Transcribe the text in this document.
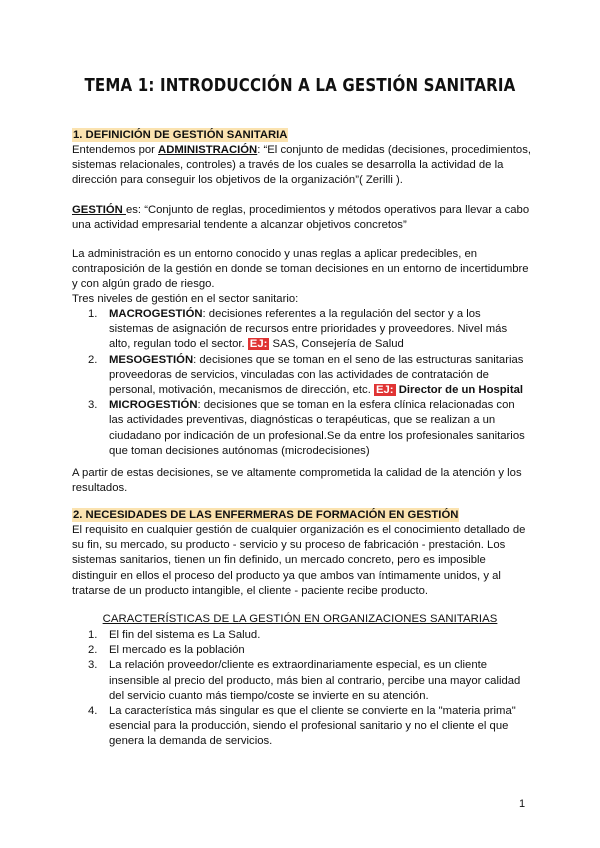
TEMA 1: INTRODUCCIÓN A LA GESTIÓN SANITARIA
1. DEFINICIÓN DE GESTIÓN SANITARIA

Entendemos por ADMINISTRACIÓN: “El conjunto de medidas (decisiones, procedimientos, sistemas relacionales, controles) a través de los cuales se desarrolla la actividad de la dirección para conseguir los objetivos de la organización”( Zerilli ).

GESTIÓN es: “Conjunto de reglas, procedimientos y métodos operativos para llevar a cabo una actividad empresarial tendente a alcanzar objetivos concretos”

La administración es un entorno conocido y unas reglas a aplicar predecibles, en contraposición de la gestión en donde se toman decisiones en un entorno de incertidumbre y con algún grado de riesgo.

Tres niveles de gestión en el sector sanitario:

1. MACROGESTIÓN: decisiones referentes a la regulación del sector y a los sistemas de asignación de recursos entre prioridades y proveedores. Nivel más alto, regulan todo el sector. EJ: SAS, Consejería de Salud
2. MESOGESTIÓN: decisiones que se toman en el seno de las estructuras sanitarias proveedoras de servicios, vinculadas con las actividades de contratación de personal, motivación, mecanismos de dirección, etc. EJ: Director de un Hospital
3. MICROGESTIÓN: decisiones que se toman en la esfera clínica relacionadas con las actividades preventivas, diagnósticas o terapéuticas, que se realizan a un ciudadano por indicación de un profesional.Se da entre los profesionales sanitarios que toman decisiones autónomas (microdecisiones)

A partir de estas decisiones, se ve altamente comprometida la calidad de la atención y los resultados.

2. NECESIDADES DE LAS ENFERMERAS DE FORMACIÓN EN GESTIÓN

El requisito en cualquier gestión de cualquier organización es el conocimiento detallado de su fin, su mercado, su producto - servicio y su proceso de fabricación - prestación. Los sistemas sanitarios, tienen un fin definido, un mercado concreto, pero es imposible distinguir en ellos el proceso del producto ya que ambos van íntimamente unidos, y al tratarse de un producto intangible, el cliente - paciente recibe producto.

CARACTERÍSTICAS DE LA GESTIÓN EN ORGANIZACIONES SANITARIAS
1. El fin del sistema es La Salud.
2. El mercado es la población
3. La relación proveedor/cliente es extraordinariamente especial, es un cliente insensible al precio del producto, más bien al contrario, percibe una mayor calidad del servicio cuanto más tiempo/coste se invierte en su atención.
4. La característica más singular es que el cliente se convierte en la "materia prima" esencial para la producción, siendo el profesional sanitario y no el cliente el que genera la demanda de servicios.
1
